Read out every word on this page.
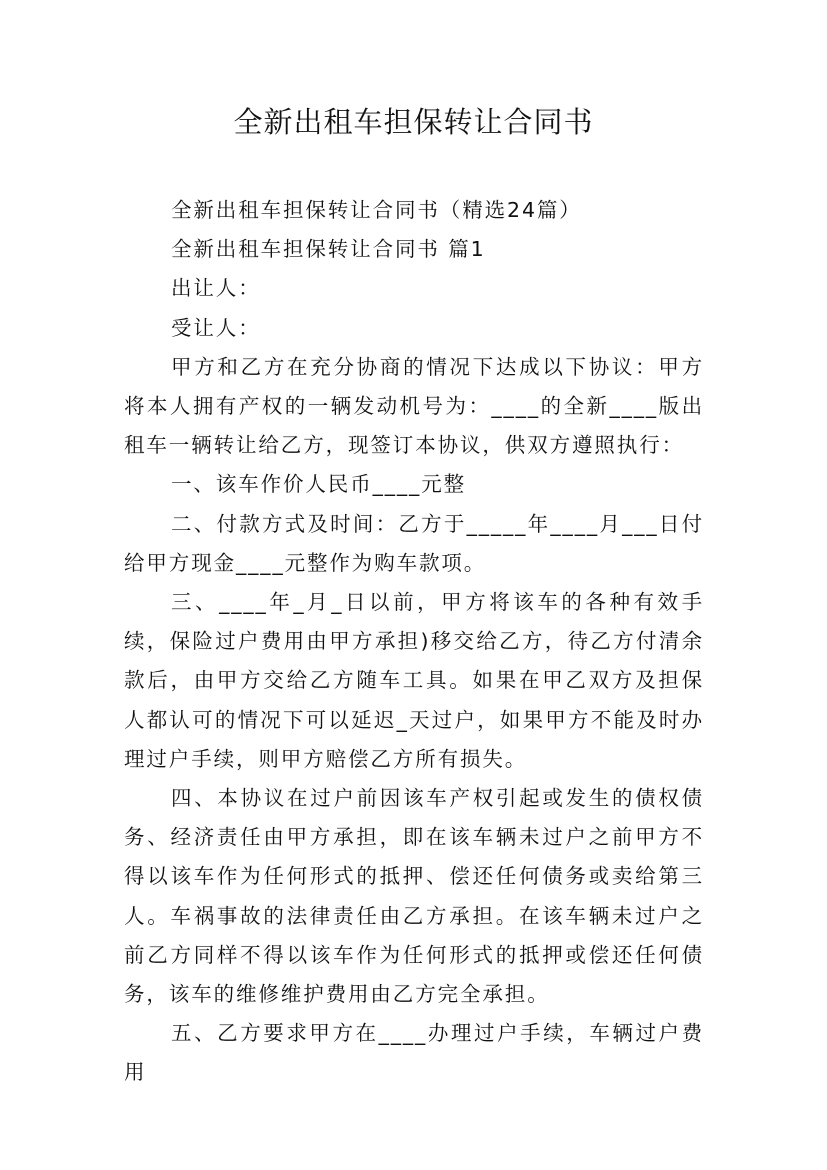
全新出租车担保转让合同书

全新出租车担保转让合同书（精选24篇）

全新出租车担保转让合同书 篇1

出让人：

受让人：

甲方和乙方在充分协商的情况下达成以下协议：甲方将本人拥有产权的一辆发动机号为：____的全新____版出租车一辆转让给乙方，现签订本协议，供双方遵照执行：

一、该车作价人民币____元整

二、付款方式及时间：乙方于_____年____月___日付给甲方现金____元整作为购车款项。

三、____年_月_日以前，甲方将该车的各种有效手续，保险过户费用由甲方承担)移交给乙方，待乙方付清余款后，由甲方交给乙方随车工具。如果在甲乙双方及担保人都认可的情况下可以延迟_天过户，如果甲方不能及时办理过户手续，则甲方赔偿乙方所有损失。

四、本协议在过户前因该车产权引起或发生的债权债务、经济责任由甲方承担，即在该车辆未过户之前甲方不得以该车作为任何形式的抵押、偿还任何债务或卖给第三人。车祸事故的法律责任由乙方承担。在该车辆未过户之前乙方同样不得以该车作为任何形式的抵押或偿还任何债务，该车的维修维护费用由乙方完全承担。

五、乙方要求甲方在____办理过户手续，车辆过户费用
